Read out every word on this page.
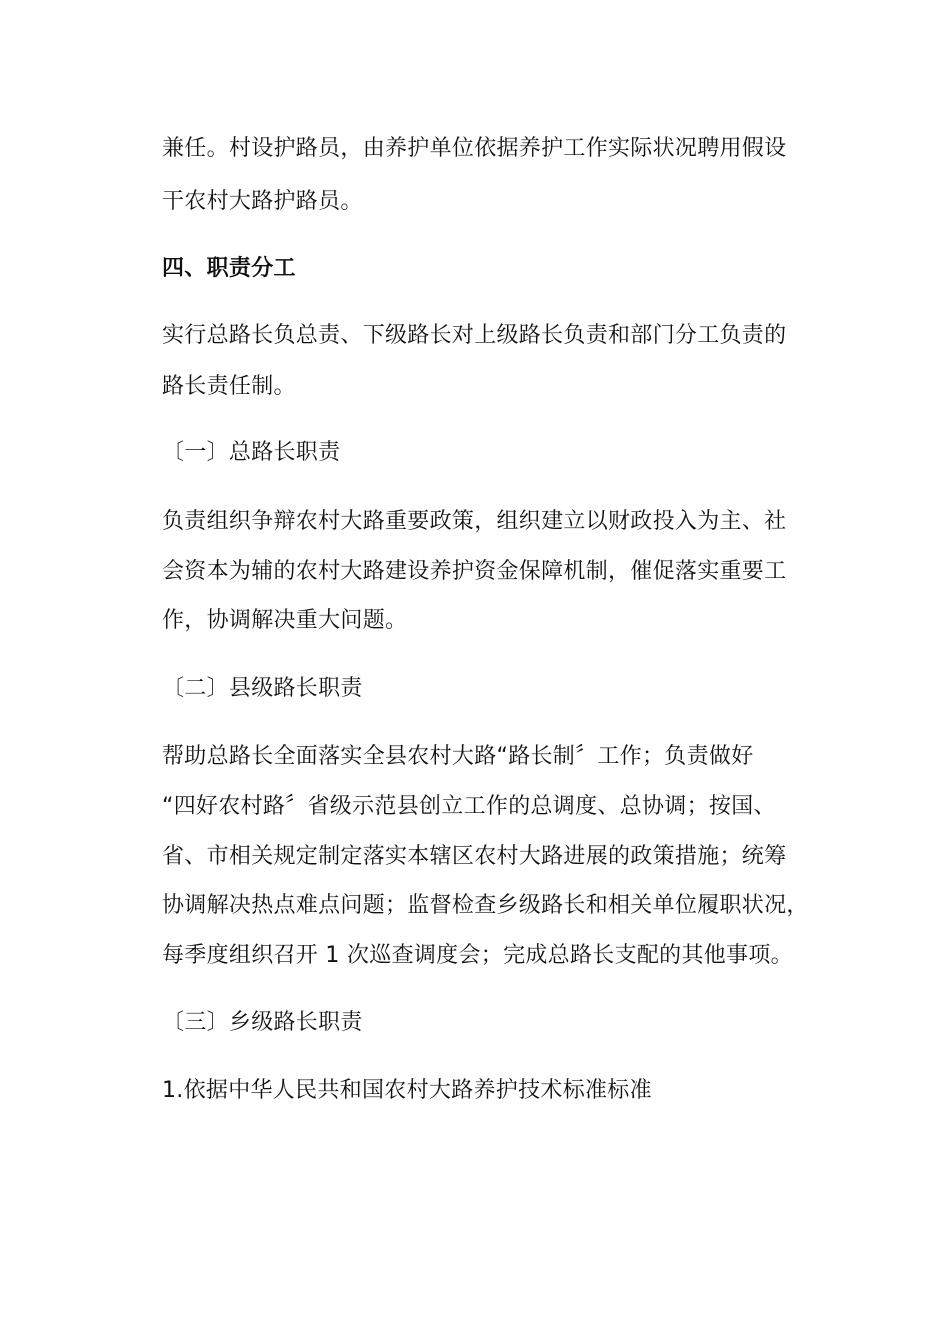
兼任。村设护路员，由养护单位依据养护工作实际状况聘用假设
干农村大路护路员。
四、职责分工
实行总路长负总责、下级路长对上级路长负责和部门分工负责的
路长责任制。
〔一〕总路长职责
负责组织争辩农村大路重要政策，组织建立以财政投入为主、社
会资本为辅的农村大路建设养护资金保障机制，催促落实重要工
作，协调解决重大问题。
〔二〕县级路长职责
帮助总路长全面落实全县农村大路“路长制〞工作；负责做好
“四好农村路〞省级示范县创立工作的总调度、总协调；按国、
省、市相关规定制定落实本辖区农村大路进展的政策措施；统筹
协调解决热点难点问题；监督检查乡级路长和相关单位履职状况，
每季度组织召开 1 次巡查调度会；完成总路长支配的其他事项。
〔三〕乡级路长职责
1.依据中华人民共和国农村大路养护技术标准标准
